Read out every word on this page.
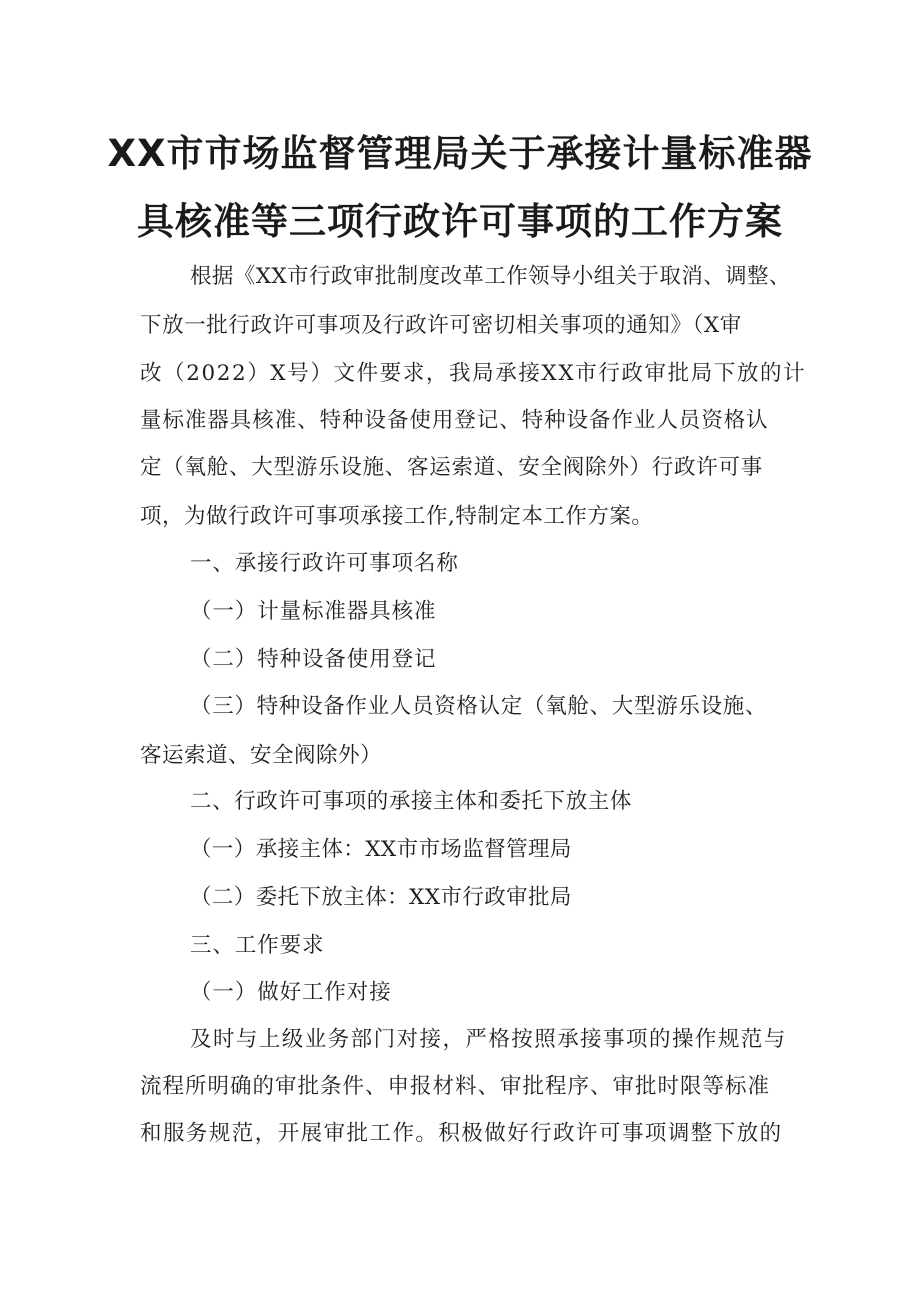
XX市市场监督管理局关于承接计量标准器
具核准等三项行政许可事项的工作方案
根据《XX市行政审批制度改革工作领导小组关于取消、调整、
下放一批行政许可事项及行政许可密切相关事项的通知》（X审
改（2022）X号）文件要求，我局承接XX市行政审批局下放的计
量标准器具核准、特种设备使用登记、特种设备作业人员资格认
定（氧舱、大型游乐设施、客运索道、安全阀除外）行政许可事
项，为做行政许可事项承接工作,特制定本工作方案。
一、承接行政许可事项名称
（一）计量标准器具核准
（二）特种设备使用登记
（三）特种设备作业人员资格认定（氧舱、大型游乐设施、
客运索道、安全阀除外）
二、行政许可事项的承接主体和委托下放主体
（一）承接主体：XX市市场监督管理局
（二）委托下放主体：XX市行政审批局
三、工作要求
（一）做好工作对接
及时与上级业务部门对接，严格按照承接事项的操作规范与
流程所明确的审批条件、申报材料、审批程序、审批时限等标准
和服务规范，开展审批工作。积极做好行政许可事项调整下放的
